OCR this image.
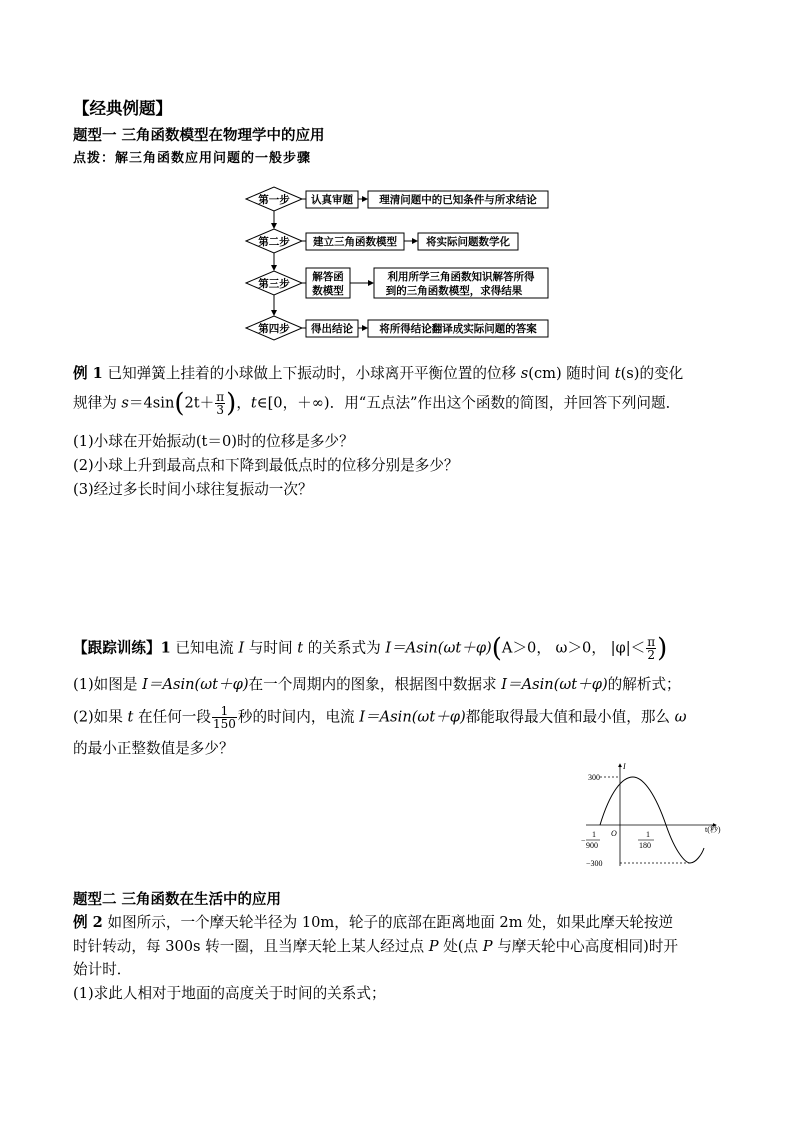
【经典例题】
题型一 三角函数模型在物理学中的应用
点拨：解三角函数应用问题的一般步骤
第一步 认真审题	理清问题中的已知条件与所求结论
第二步 建立三角函数模型	将实际问题数学化
第三步
解答函
数模型
利用所学三角函数知识解答所得
到的三角函数模型，求得结果
第四步 得出结论	将所得结论翻译成实际问题的答案
例 1 已知弹簧上挂着的小球做上下振动时，小球离开平衡位置的位移 s(cm) 随时间 t(s)的变化
规律为 $s=4\sin(2t+ \frac{\pi}{3}$ )，t∈[0，＋∞)．用“五点法”作出这个函数的简图，并回答下列问题．
(1)小球在开始振动(t＝0)时的位移是多少？
(2)小球上升到最高点和下降到最低点时的位移分别是多少？
(3)经过多长时间小球往复振动一次？
【跟踪训练】1 已知电流 I 与时间 t 的关系式为 I＝Asin(ωt＋φ)(A＞0， ω＞0， $|\varphi|< \frac{\pi}{2}$ )
(1)如图是 I＝Asin(ωt＋φ)在一个周期内的图象，根据图中数据求 I＝Asin(ωt＋φ)的解析式；
(2)如果 t 在任何一段 $\frac{1}{150}$ 秒的时间内，电流 I＝Asin(ωt＋φ)都能取得最大值和最小值，那么 ω
的最小正整数值是多少？
I
t(秒)
O
300
−300
−
1
900
1
180
题型二 三角函数在生活中的应用
例 2 如图所示，一个摩天轮半径为 10m，轮子的底部在距离地面 2m 处，如果此摩天轮按逆
时针转动，每 300s 转一圈，且当摩天轮上某人经过点 P 处(点 P 与摩天轮中心高度相同)时开
始计时．
(1)求此人相对于地面的高度关于时间的关系式；
